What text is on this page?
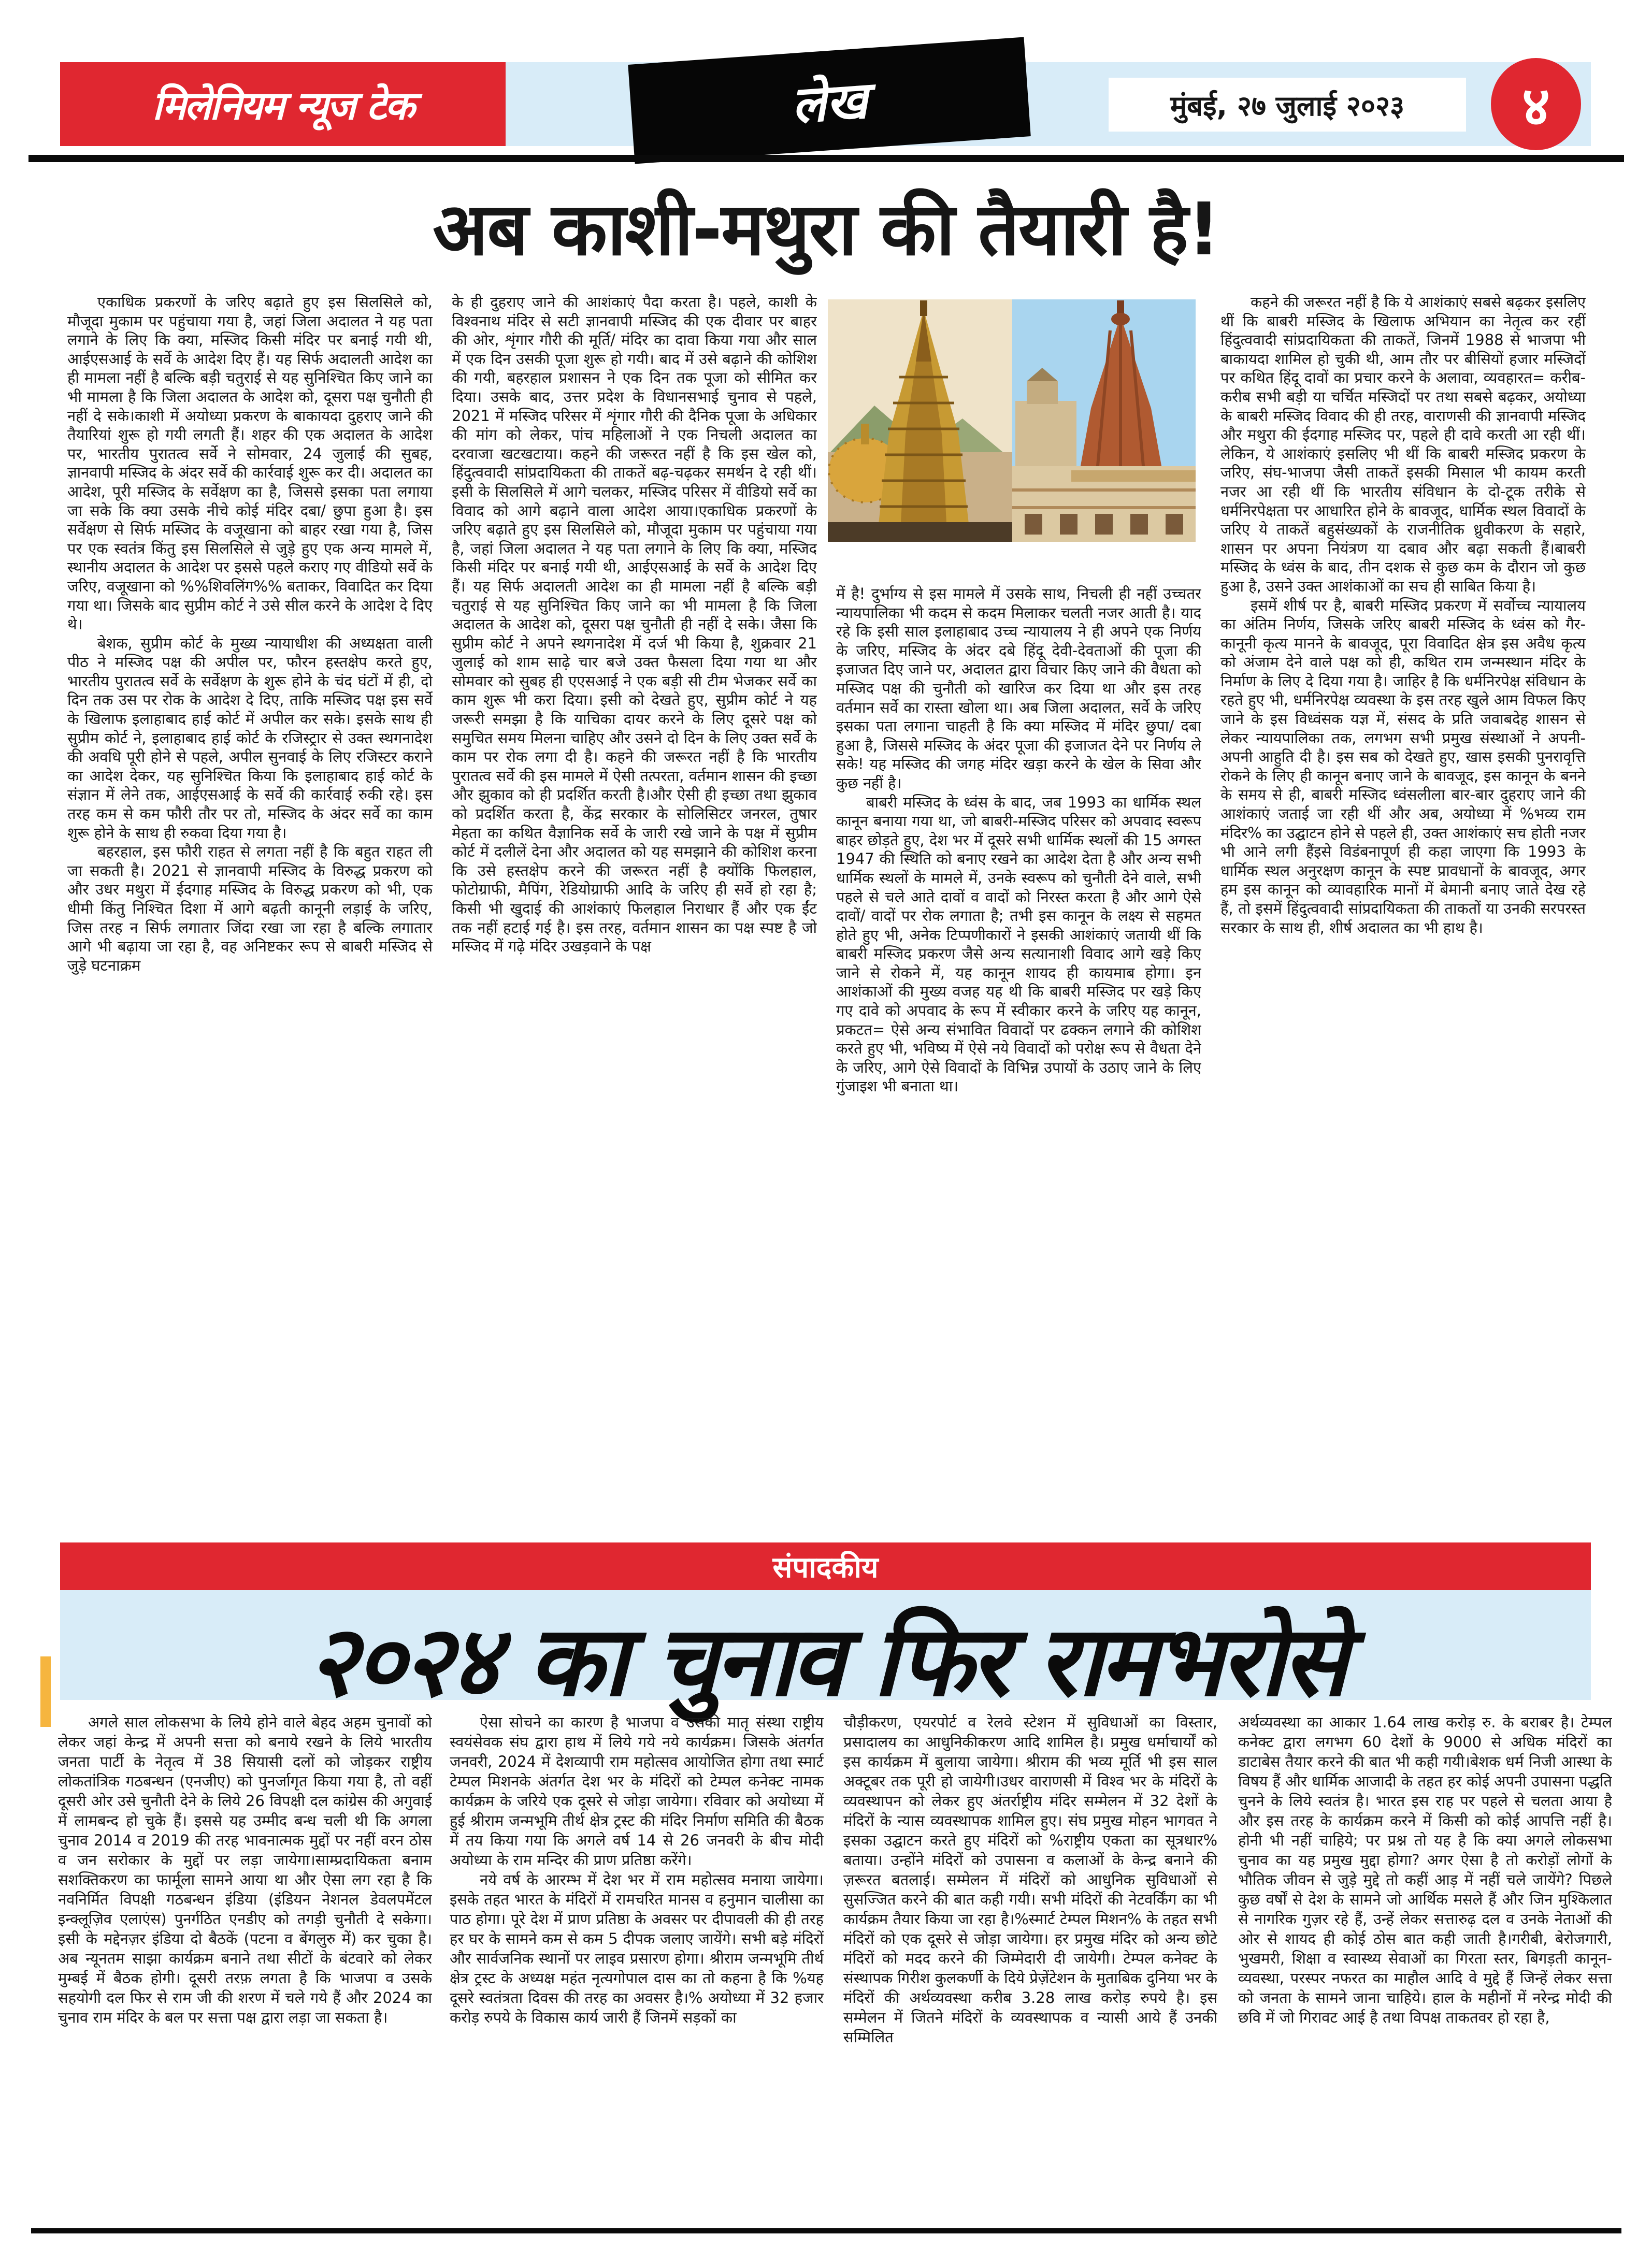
मिलेनियम न्यूज टेक	लेख	मुंबई, २७ जुलाई २०२३	४
अब काशी-मथुरा की तैयारी है!

एकाधिक प्रकरणों के जरिए बढ़ाते हुए इस सिलसिले को, मौजूदा मुकाम पर पहुंचाया गया है, जहां जिला अदालत ने यह पता लगाने के लिए कि क्या, मस्जिद किसी मंदिर पर बनाई गयी थी, आईएसआई के सर्वे के आदेश दिए हैं। यह सिर्फ अदालती आदेश का ही मामला नहीं है बल्कि बड़ी चतुराई से यह सुनिश्चित किए जाने का भी मामला है कि जिला अदालत के आदेश को, दूसरा पक्ष चुनौती ही नहीं दे सके।काशी में अयोध्या प्रकरण के बाकायदा दुहराए जाने की तैयारियां शुरू हो गयी लगती हैं। शहर की एक अदालत के आदेश पर, भारतीय पुरातत्व सर्वे ने सोमवार, 24 जुलाई की सुबह, ज्ञानवापी मस्जिद के अंदर सर्वे की कार्रवाई शुरू कर दी। अदालत का आदेश, पूरी मस्जिद के सर्वेक्षण का है, जिससे इसका पता लगाया जा सके कि क्या उसके नीचे कोई मंदिर दबा/ छुपा हुआ है। इस सर्वेक्षण से सिर्फ मस्जिद के वजूखाना को बाहर रखा गया है, जिस पर एक स्वतंत्र किंतु इस सिलसिले से जुड़े हुए एक अन्य मामले में, स्थानीय अदालत के आदेश पर इससे पहले कराए गए वीडियो सर्वे के जरिए, वजूखाना को %%शिवलिंग%% बताकर, विवादित कर दिया गया था। जिसके बाद सुप्रीम कोर्ट ने उसे सील करने के आदेश दे दिए थे।

बेशक, सुप्रीम कोर्ट के मुख्य न्यायाधीश की अध्यक्षता वाली पीठ ने मस्जिद पक्ष की अपील पर, फौरन हस्तक्षेप करते हुए, भारतीय पुरातत्व सर्वे के सर्वेक्षण के शुरू होने के चंद घंटों में ही, दो दिन तक उस पर रोक के आदेश दे दिए, ताकि मस्जिद पक्ष इस सर्वे के खिलाफ इलाहाबाद हाई कोर्ट में अपील कर सके। इसके साथ ही सुप्रीम कोर्ट ने, इलाहाबाद हाई कोर्ट के रजिस्ट्रार से उक्त स्थगनादेश की अवधि पूरी होने से पहले, अपील सुनवाई के लिए रजिस्टर कराने का आदेश देकर, यह सुनिश्चित किया कि इलाहाबाद हाई कोर्ट के संज्ञान में लेने तक, आईएसआई के सर्वे की कार्रवाई रुकी रहे। इस तरह कम से कम फौरी तौर पर तो, मस्जिद के अंदर सर्वे का काम शुरू होने के साथ ही रुकवा दिया गया है।

बहरहाल, इस फौरी राहत से लगता नहीं है कि बहुत राहत ली जा सकती है। 2021 से ज्ञानवापी मस्जिद के विरुद्ध प्रकरण को और उधर मथुरा में ईदगाह मस्जिद के विरुद्ध प्रकरण को भी, एक धीमी किंतु निश्चित दिशा में आगे बढ़ती कानूनी लड़ाई के जरिए, जिस तरह न सिर्फ लगातार जिंदा रखा जा रहा है बल्कि लगातार आगे भी बढ़ाया जा रहा है, वह अनिष्टकर रूप से बाबरी मस्जिद से जुड़े घटनाक्रम

के ही दुहराए जाने की आशंकाएं पैदा करता है। पहले, काशी के विश्वनाथ मंदिर से सटी ज्ञानवापी मस्जिद की एक दीवार पर बाहर की ओर, शृंगार गौरी की मूर्ति/ मंदिर का दावा किया गया और साल में एक दिन उसकी पूजा शुरू हो गयी। बाद में उसे बढ़ाने की कोशिश की गयी, बहरहाल प्रशासन ने एक दिन तक पूजा को सीमित कर दिया। उसके बाद, उत्तर प्रदेश के विधानसभाई चुनाव से पहले, 2021 में मस्जिद परिसर में शृंगार गौरी की दैनिक पूजा के अधिकार की मांग को लेकर, पांच महिलाओं ने एक निचली अदालत का दरवाजा खटखटाया। कहने की जरूरत नहीं है कि इस खेल को, हिंदुत्ववादी सांप्रदायिकता की ताकतें बढ़-चढ़कर समर्थन दे रही थीं। इसी के सिलसिले में आगे चलकर, मस्जिद परिसर में वीडियो सर्वे का विवाद को आगे बढ़ाने वाला आदेश आया।एकाधिक प्रकरणों के जरिए बढ़ाते हुए इस सिलसिले को, मौजूदा मुकाम पर पहुंचाया गया है, जहां जिला अदालत ने यह पता लगाने के लिए कि क्या, मस्जिद किसी मंदिर पर बनाई गयी थी, आईएसआई के सर्वे के आदेश दिए हैं। यह सिर्फ अदालती आदेश का ही मामला नहीं है बल्कि बड़ी चतुराई से यह सुनिश्चित किए जाने का भी मामला है कि जिला अदालत के आदेश को, दूसरा पक्ष चुनौती ही नहीं दे सके। जैसा कि सुप्रीम कोर्ट ने अपने स्थगनादेश में दर्ज भी किया है, शुक्रवार 21 जुलाई को शाम साढ़े चार बजे उक्त फैसला दिया गया था और सोमवार को सुबह ही एएसआई ने एक बड़ी सी टीम भेजकर सर्वे का काम शुरू भी करा दिया। इसी को देखते हुए, सुप्रीम कोर्ट ने यह जरूरी समझा है कि याचिका दायर करने के लिए दूसरे पक्ष को समुचित समय मिलना चाहिए और उसने दो दिन के लिए उक्त सर्वे के काम पर रोक लगा दी है। कहने की जरूरत नहीं है कि भारतीय पुरातत्व सर्वे की इस मामले में ऐसी तत्परता, वर्तमान शासन की इच्छा और झुकाव को ही प्रदर्शित करती है।और ऐसी ही इच्छा तथा झुकाव को प्रदर्शित करता है, केंद्र सरकार के सोलिसिटर जनरल, तुषार मेहता का कथित वैज्ञानिक सर्वे के जारी रखे जाने के पक्ष में सुप्रीम कोर्ट में दलीलें देना और अदालत को यह समझाने की कोशिश करना कि उसे हस्तक्षेप करने की जरूरत नहीं है क्योंकि फिलहाल, फोटोग्राफी, मैपिंग, रेडियोग्राफी आदि के जरिए ही सर्वे हो रहा है; किसी भी खुदाई की आशंकाएं फिलहाल निराधार हैं और एक ईंट तक नहीं हटाई गई है। इस तरह, वर्तमान शासन का पक्ष स्पष्ट है जो मस्जिद में गढ़े मंदिर उखड़वाने के पक्ष

में है! दुर्भाग्य से इस मामले में उसके साथ, निचली ही नहीं उच्चतर न्यायपालिका भी कदम से कदम मिलाकर चलती नजर आती है। याद रहे कि इसी साल इलाहाबाद उच्च न्यायालय ने ही अपने एक निर्णय के जरिए, मस्जिद के अंदर दबे हिंदू देवी-देवताओं की पूजा की इजाजत दिए जाने पर, अदालत द्वारा विचार किए जाने की वैधता को मस्जिद पक्ष की चुनौती को खारिज कर दिया था और इस तरह वर्तमान सर्वे का रास्ता खोला था। अब जिला अदालत, सर्वे के जरिए इसका पता लगाना चाहती है कि क्या मस्जिद में मंदिर छुपा/ दबा हुआ है, जिससे मस्जिद के अंदर पूजा की इजाजत देने पर निर्णय ले सके! यह मस्जिद की जगह मंदिर खड़ा करने के खेल के सिवा और कुछ नहीं है।

बाबरी मस्जिद के ध्वंस के बाद, जब 1993 का धार्मिक स्थल कानून बनाया गया था, जो बाबरी-मस्जिद परिसर को अपवाद स्वरूप बाहर छोड़ते हुए, देश भर में दूसरे सभी धार्मिक स्थलों की 15 अगस्त 1947 की स्थिति को बनाए रखने का आदेश देता है और अन्य सभी धार्मिक स्थलों के मामले में, उनके स्वरूप को चुनौती देने वाले, सभी पहले से चले आते दावों व वादों को निरस्त करता है और आगे ऐसे दावों/ वादों पर रोक लगाता है; तभी इस कानून के लक्ष्य से सहमत होते हुए भी, अनेक टिप्पणीकारों ने इसकी आशंकाएं जतायी थीं कि बाबरी मस्जिद प्रकरण जैसे अन्य सत्यानाशी विवाद आगे खड़े किए जाने से रोकने में, यह कानून शायद ही कायमाब होगा। इन आशंकाओं की मुख्य वजह यह थी कि बाबरी मस्जिद पर खड़े किए गए दावे को अपवाद के रूप में स्वीकार करने के जरिए यह कानून, प्रकटत= ऐसे अन्य संभावित विवादों पर ढक्कन लगाने की कोशिश करते हुए भी, भविष्य में ऐसे नये विवादों को परोक्ष रूप से वैधता देने के जरिए, आगे ऐसे विवादों के विभिन्न उपायों के उठाए जाने के लिए गुंजाइश भी बनाता था।

कहने की जरूरत नहीं है कि ये आशंकाएं सबसे बढ़कर इसलिए थीं कि बाबरी मस्जिद के खिलाफ अभियान का नेतृत्व कर रहीं हिंदुत्ववादी सांप्रदायिकता की ताकतें, जिनमें 1988 से भाजपा भी बाकायदा शामिल हो चुकी थी, आम तौर पर बीसियों हजार मस्जिदों पर कथित हिंदू दावों का प्रचार करने के अलावा, व्यवहारत= करीब-करीब सभी बड़ी या चर्चित मस्जिदों पर तथा सबसे बढ़कर, अयोध्या के बाबरी मस्जिद विवाद की ही तरह, वाराणसी की ज्ञानवापी मस्जिद और मथुरा की ईदगाह मस्जिद पर, पहले ही दावे करती आ रही थीं। लेकिन, ये आशंकाएं इसलिए भी थीं कि बाबरी मस्जिद प्रकरण के जरिए, संघ-भाजपा जैसी ताकतें इसकी मिसाल भी कायम करती नजर आ रही थीं कि भारतीय संविधान के दो-टूक तरीके से धर्मनिरपेक्षता पर आधारित होने के बावजूद, धार्मिक स्थल विवादों के जरिए ये ताकतें बहुसंख्यकों के राजनीतिक ध्रुवीकरण के सहारे, शासन पर अपना नियंत्रण या दबाव और बढ़ा सकती हैं।बाबरी मस्जिद के ध्वंस के बाद, तीन दशक से कुछ कम के दौरान जो कुछ हुआ है, उसने उक्त आशंकाओं का सच ही साबित किया है।

इसमें शीर्ष पर है, बाबरी मस्जिद प्रकरण में सर्वोच्च न्यायालय का अंतिम निर्णय, जिसके जरिए बाबरी मस्जिद के ध्वंस को गैर-कानूनी कृत्य मानने के बावजूद, पूरा विवादित क्षेत्र इस अवैध कृत्य को अंजाम देने वाले पक्ष को ही, कथित राम जन्मस्थान मंदिर के निर्माण के लिए दे दिया गया है। जाहिर है कि धर्मनिरपेक्ष संविधान के रहते हुए भी, धर्मनिरपेक्ष व्यवस्था के इस तरह खुले आम विफल किए जाने के इस विध्वंसक यज्ञ में, संसद के प्रति जवाबदेह शासन से लेकर न्यायपालिका तक, लगभग सभी प्रमुख संस्थाओं ने अपनी-अपनी आहुति दी है। इस सब को देखते हुए, खास इसकी पुनरावृत्ति रोकने के लिए ही कानून बनाए जाने के बावजूद, इस कानून के बनने के समय से ही, बाबरी मस्जिद ध्वंसलीला बार-बार दुहराए जाने की आशंकाएं जताई जा रही थीं और अब, अयोध्या में %भव्य राम मंदिर% का उद्घाटन होने से पहले ही, उक्त आशंकाएं सच होती नजर भी आने लगी हैंइसे विडंबनापूर्ण ही कहा जाएगा कि 1993 के धार्मिक स्थल अनुरक्षण कानून के स्पष्ट प्रावधानों के बावजूद, अगर हम इस कानून को व्यावहारिक मानों में बेमानी बनाए जाते देख रहे हैं, तो इसमें हिंदुत्ववादी सांप्रदायिकता की ताकतों या उनकी सरपरस्त सरकार के साथ ही, शीर्ष अदालत का भी हाथ है।

संपादकीय
२०२४ का चुनाव फिर रामभरोसे

अगले साल लोकसभा के लिये होने वाले बेहद अहम चुनावों को लेकर जहां केन्द्र में अपनी सत्ता को बनाये रखने के लिये भारतीय जनता पार्टी के नेतृत्व में 38 सियासी दलों को जोड़कर राष्ट्रीय लोकतांत्रिक गठबन्धन (एनजीए) को पुनर्जागृत किया गया है, तो वहीं दूसरी ओर उसे चुनौती देने के लिये 26 विपक्षी दल कांग्रेस की अगुवाई में लामबन्द हो चुके हैं। इससे यह उम्मीद बन्ध चली थी कि अगला चुनाव 2014 व 2019 की तरह भावनात्मक मुद्दों पर नहीं वरन ठोस व जन सरोकार के मुद्दों पर लड़ा जायेगा।साम्प्रदायिकता बनाम सशक्तिकरण का फार्मूला सामने आया था और ऐसा लग रहा है कि नवनिर्मित विपक्षी गठबन्धन इंडिया (इंडियन नेशनल डेवलपमेंटल इन्क्लूज़िव एलाएंस) पुनर्गठित एनडीए को तगड़ी चुनौती दे सकेगा। इसी के मद्देनज़र इंडिया दो बैठकें (पटना व बेंगलुरु में) कर चुका है। अब न्यूनतम साझा कार्यक्रम बनाने तथा सीटों के बंटवारे को लेकर मुम्बई में बैठक होगी। दूसरी तरफ़ लगता है कि भाजपा व उसके सहयोगी दल फिर से राम जी की शरण में चले गये हैं और 2024 का चुनाव राम मंदिर के बल पर सत्ता पक्ष द्वारा लड़ा जा सकता है।

ऐसा सोचने का कारण है भाजपा व उसकी मातृ संस्था राष्ट्रीय स्वयंसेवक संघ द्वारा हाथ में लिये गये नये कार्यक्रम। जिसके अंतर्गत जनवरी, 2024 में देशव्यापी राम महोत्सव आयोजित होगा तथा स्मार्ट टेम्पल मिशनके अंतर्गत देश भर के मंदिरों को टेम्पल कनेक्ट नामक कार्यक्रम के जरिये एक दूसरे से जोड़ा जायेगा। रविवार को अयोध्या में हुई श्रीराम जन्मभूमि तीर्थ क्षेत्र ट्रस्ट की मंदिर निर्माण समिति की बैठक में तय किया गया कि अगले वर्ष 14 से 26 जनवरी के बीच मोदी अयोध्या के राम मन्दिर की प्राण प्रतिष्ठा करेंगे।

नये वर्ष के आरम्भ में देश भर में राम महोत्सव मनाया जायेगा। इसके तहत भारत के मंदिरों में रामचरित मानस व हनुमान चालीसा का पाठ होगा। पूरे देश में प्राण प्रतिष्ठा के अवसर पर दीपावली की ही तरह हर घर के सामने कम से कम 5 दीपक जलाए जायेंगे। सभी बड़े मंदिरों और सार्वजनिक स्थानों पर लाइव प्रसारण होगा। श्रीराम जन्मभूमि तीर्थ क्षेत्र ट्रस्ट के अध्यक्ष महंत नृत्यगोपाल दास का तो कहना है कि %यह दूसरे स्वतंत्रता दिवस की तरह का अवसर है।% अयोध्या में 32 हजार करोड़ रुपये के विकास कार्य जारी हैं जिनमें सड़कों का

चौड़ीकरण, एयरपोर्ट व रेलवे स्टेशन में सुविधाओं का विस्तार, प्रसादालय का आधुनिकीकरण आदि शामिल है। प्रमुख धर्माचार्यों को इस कार्यक्रम में बुलाया जायेगा। श्रीराम की भव्य मूर्ति भी इस साल अक्टूबर तक पूरी हो जायेगी।उधर वाराणसी में विश्व भर के मंदिरों के व्यवस्थापन को लेकर हुए अंतर्राष्ट्रीय मंदिर सम्मेलन में 32 देशों के मंदिरों के न्यास व्यवस्थापक शामिल हुए। संघ प्रमुख मोहन भागवत ने इसका उद्घाटन करते हुए मंदिरों को %राष्ट्रीय एकता का सूत्रधार% बताया। उन्होंने मंदिरों को उपासना व कलाओं के केन्द्र बनाने की ज़रूरत बतलाई। सम्मेलन में मंदिरों को आधुनिक सुविधाओं से सुसज्जित करने की बात कही गयी। सभी मंदिरों की नेटवर्किंग का भी कार्यक्रम तैयार किया जा रहा है।%स्मार्ट टेम्पल मिशन% के तहत सभी मंदिरों को एक दूसरे से जोड़ा जायेगा। हर प्रमुख मंदिर को अन्य छोटे मंदिरों को मदद करने की जिम्मेदारी दी जायेगी। टेम्पल कनेक्ट के संस्थापक गिरीश कुलकर्णी के दिये प्रेज़ेंटेशन के मुताबिक दुनिया भर के मंदिरों की अर्थव्यवस्था करीब 3.28 लाख करोड़ रुपये है। इस सम्मेलन में जितने मंदिरों के व्यवस्थापक व न्यासी आये हैं उनकी सम्मिलित

अर्थव्यवस्था का आकार 1.64 लाख करोड़ रु. के बराबर है। टेम्पल कनेक्ट द्वारा लगभग 60 देशों के 9000 से अधिक मंदिरों का डाटाबेस तैयार करने की बात भी कही गयी।बेशक धर्म निजी आस्था के विषय हैं और धार्मिक आजादी के तहत हर कोई अपनी उपासना पद्धति चुनने के लिये स्वतंत्र है। भारत इस राह पर पहले से चलता आया है और इस तरह के कार्यक्रम करने में किसी को कोई आपत्ति नहीं है। होनी भी नहीं चाहिये; पर प्रश्न तो यह है कि क्या अगले लोकसभा चुनाव का यह प्रमुख मुद्दा होगा? अगर ऐसा है तो करोड़ों लोगों के भौतिक जीवन से जुड़े मुद्दे तो कहीं आड़ में नहीं चले जायेंगे? पिछले कुछ वर्षों से देश के सामने जो आर्थिक मसले हैं और जिन मुश्किलात से नागरिक गुज़र रहे हैं, उन्हें लेकर सत्तारुढ़ दल व उनके नेताओं की ओर से शायद ही कोई ठोस बात कही जाती है।गरीबी, बेरोजगारी, भुखमरी, शिक्षा व स्वास्थ्य सेवाओं का गिरता स्तर, बिगड़ती कानून-व्यवस्था, परस्पर नफरत का माहौल आदि वे मुद्दे हैं जिन्हें लेकर सत्ता को जनता के सामने जाना चाहिये। हाल के महीनों में नरेन्द्र मोदी की छवि में जो गिरावट आई है तथा विपक्ष ताकतवर हो रहा है,
